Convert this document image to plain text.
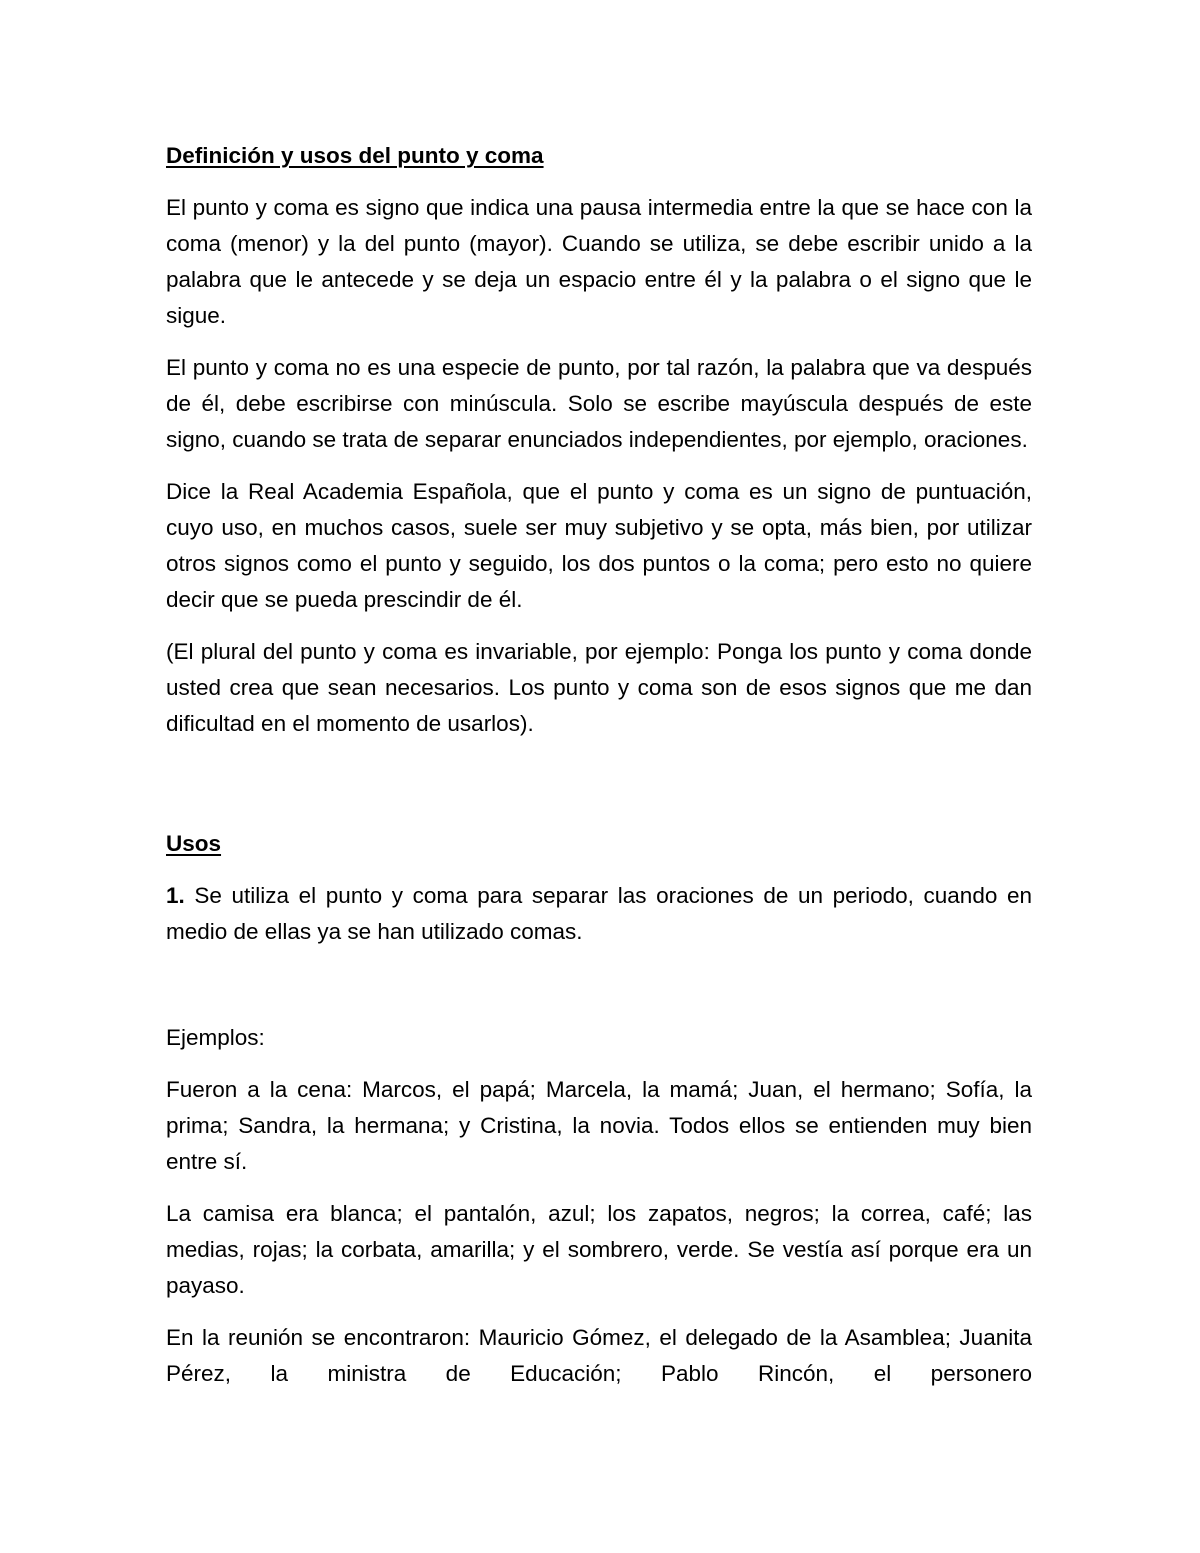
Definición y usos del punto y coma

El punto y coma es signo que indica una pausa intermedia entre la que se hace con la coma (menor) y la del punto (mayor). Cuando se utiliza, se debe escribir unido a la palabra que le antecede y se deja un espacio entre él y la palabra o el signo que le sigue.

El punto y coma no es una especie de punto, por tal razón, la palabra que va después de él, debe escribirse con minúscula. Solo se escribe mayúscula después de este signo, cuando se trata de separar enunciados independientes, por ejemplo, oraciones.

Dice la Real Academia Española, que el punto y coma es un signo de puntuación, cuyo uso, en muchos casos, suele ser muy subjetivo y se opta, más bien, por utilizar otros signos como el punto y seguido, los dos puntos o la coma; pero esto no quiere decir que se pueda prescindir de él.

(El plural del punto y coma es invariable, por ejemplo: Ponga los punto y coma donde usted crea que sean necesarios. Los punto y coma son de esos signos que me dan dificultad en el momento de usarlos).

Usos

1. Se utiliza el punto y coma para separar las oraciones de un periodo, cuando en medio de ellas ya se han utilizado comas.

Ejemplos:

Fueron a la cena: Marcos, el papá; Marcela, la mamá; Juan, el hermano; Sofía, la prima; Sandra, la hermana; y Cristina, la novia. Todos ellos se entienden muy bien entre sí.

La camisa era blanca; el pantalón, azul; los zapatos, negros; la correa, café; las medias, rojas; la corbata, amarilla; y el sombrero, verde. Se vestía así porque era un payaso.

En la reunión se encontraron: Mauricio Gómez, el delegado de la Asamblea; Juanita Pérez, la ministra de Educación; Pablo Rincón, el personero
